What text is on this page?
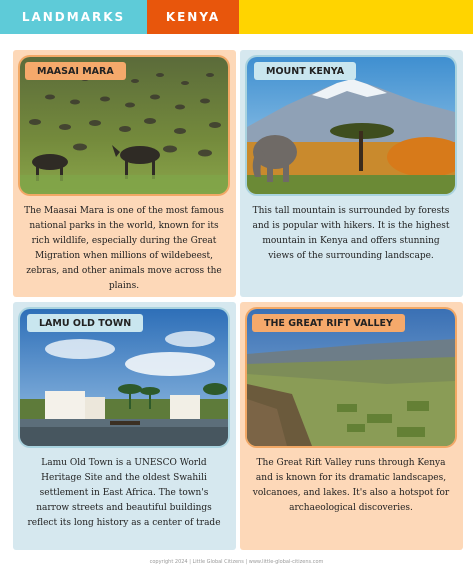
LANDMARKS	KENYA
MAASAI MARA
The Maasai Mara is one of the most famous national parks in the world, known for its rich wildlife, especially during the Great Migration when millions of wildebeest, zebras, and other animals move across the plains.
MOUNT KENYA
This tall mountain is surrounded by forests and is popular with hikers. It is the highest mountain in Kenya and offers stunning views of the surrounding landscape.
LAMU OLD TOWN
Lamu Old Town is a UNESCO World Heritage Site and the oldest Swahili settlement in East Africa. The town's narrow streets and beautiful buildings reflect its long history as a center of trade
THE GREAT RIFT VALLEY
The Great Rift Valley runs through Kenya and is known for its dramatic landscapes, volcanoes, and lakes. It's also a hotspot for archaeological discoveries.
copyright 2024 | Little Global Citizens | www.little-global-citizens.com
